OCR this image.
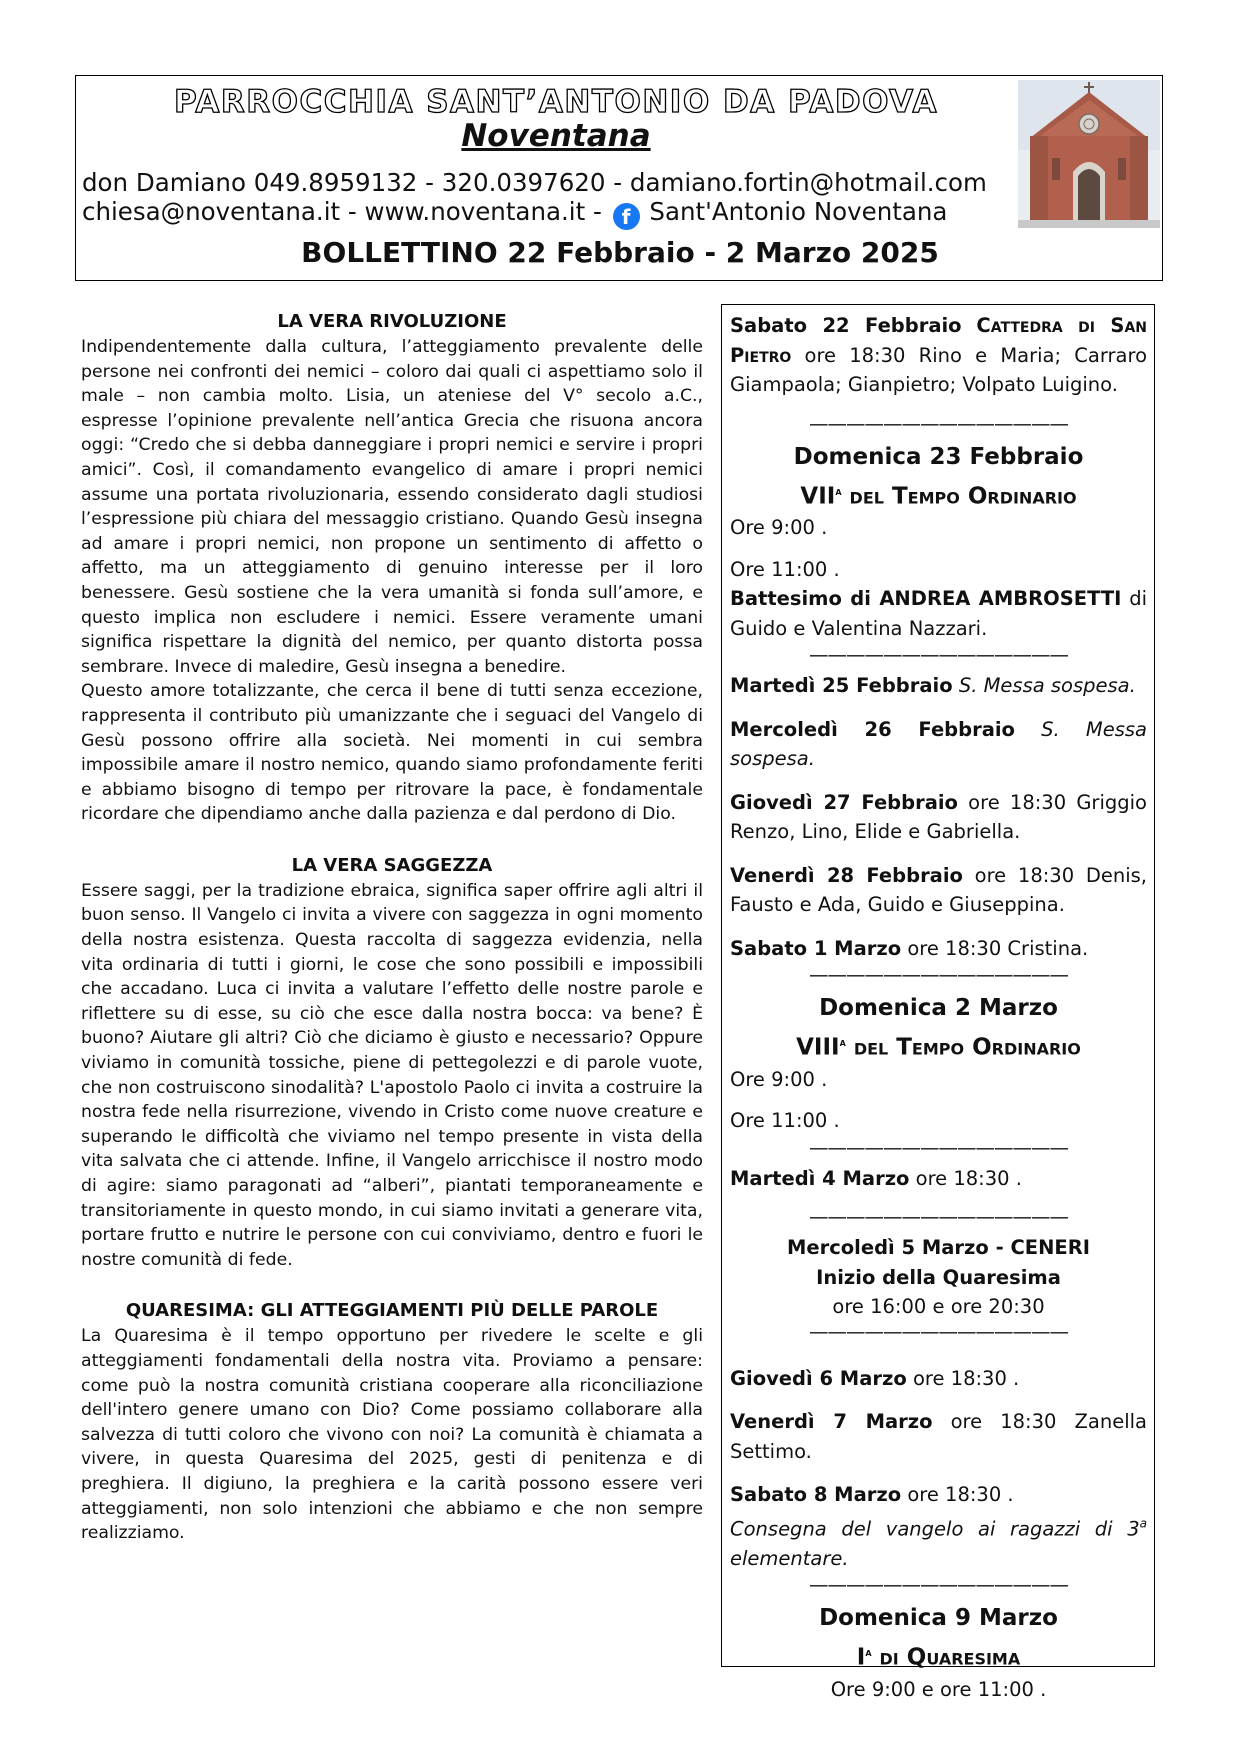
PARROCCHIA SANT’ANTONIO DA PADOVA
Noventana
don Damiano 049.8959132 - 320.0397620 - damiano.fortin@hotmail.com
chiesa@noventana.it - www.noventana.it - f Sant'Antonio Noventana
BOLLETTINO 22 Febbraio - 2 Marzo 2025
LA VERA RIVOLUZIONE

Indipendentemente dalla cultura, l’atteggiamento prevalente delle persone nei confronti dei nemici – coloro dai quali ci aspettiamo solo il male – non cambia molto. Lisia, un ateniese del V° secolo a.C., espresse l’opinione prevalente nell’antica Grecia che risuona ancora oggi: “Credo che si debba danneggiare i propri nemici e servire i propri amici”. Così, il comandamento evangelico di amare i propri nemici assume una portata rivoluzionaria, essendo considerato dagli studiosi l’espressione più chiara del messaggio cristiano. Quando Gesù insegna ad amare i propri nemici, non propone un sentimento di affetto o affetto, ma un atteggiamento di genuino interesse per il loro benessere. Gesù sostiene che la vera umanità si fonda sull’amore, e questo implica non escludere i nemici. Essere veramente umani significa rispettare la dignità del nemico, per quanto distorta possa sembrare. Invece di maledire, Gesù insegna a benedire.

Questo amore totalizzante, che cerca il bene di tutti senza eccezione, rappresenta il contributo più umanizzante che i seguaci del Vangelo di Gesù possono offrire alla società. Nei momenti in cui sembra impossibile amare il nostro nemico, quando siamo profondamente feriti e abbiamo bisogno di tempo per ritrovare la pace, è fondamentale ricordare che dipendiamo anche dalla pazienza e dal perdono di Dio.

LA VERA SAGGEZZA

Essere saggi, per la tradizione ebraica, significa saper offrire agli altri il buon senso. Il Vangelo ci invita a vivere con saggezza in ogni momento della nostra esistenza. Questa raccolta di saggezza evidenzia, nella vita ordinaria di tutti i giorni, le cose che sono possibili e impossibili che accadano. Luca ci invita a valutare l’effetto delle nostre parole e riflettere su di esse, su ciò che esce dalla nostra bocca: va bene? È buono? Aiutare gli altri? Ciò che diciamo è giusto e necessario? Oppure viviamo in comunità tossiche, piene di pettegolezzi e di parole vuote, che non costruiscono sinodalità? L'apostolo Paolo ci invita a costruire la nostra fede nella risurrezione, vivendo in Cristo come nuove creature e superando le difficoltà che viviamo nel tempo presente in vista della vita salvata che ci attende. Infine, il Vangelo arricchisce il nostro modo di agire: siamo paragonati ad “alberi”, piantati temporaneamente e transitoriamente in questo mondo, in cui siamo invitati a generare vita, portare frutto e nutrire le persone con cui conviviamo, dentro e fuori le nostre comunità di fede.

QUARESIMA: GLI ATTEGGIAMENTI PIÙ DELLE PAROLE

La Quaresima è il tempo opportuno per rivedere le scelte e gli atteggiamenti fondamentali della nostra vita. Proviamo a pensare: come può la nostra comunità cristiana cooperare alla riconciliazione dell'intero genere umano con Dio? Come possiamo collaborare alla salvezza di tutti coloro che vivono con noi? La comunità è chiamata a vivere, in questa Quaresima del 2025, gesti di penitenza e di preghiera. Il digiuno, la preghiera e la carità possono essere veri atteggiamenti, non solo intenzioni che abbiamo e che non sempre realizziamo.

Sabato 22 Febbraio Cattedra di San Pietro ore 18:30 Rino e Maria; Carraro Giampaola; Gianpietro; Volpato Luigino.

——————————————

Domenica 23 Febbraio

VII$^a$ del Tempo Ordinario

Ore 9:00 .

Ore 11:00 .

Battesimo di ANDREA AMBROSETTI di Guido e Valentina Nazzari.

——————————————

Martedì 25 Febbraio S. Messa sospesa.

Mercoledì 26 Febbraio S. Messa sospesa.

Giovedì 27 Febbraio ore 18:30 Griggio Renzo, Lino, Elide e Gabriella.

Venerdì 28 Febbraio ore 18:30 Denis, Fausto e Ada, Guido e Giuseppina.

Sabato 1 Marzo ore 18:30 Cristina.

——————————————

Domenica 2 Marzo

VIII$^a$ del Tempo Ordinario

Ore 9:00 .

Ore 11:00 .

——————————————

Martedì 4 Marzo ore 18:30 .

——————————————

Mercoledì 5 Marzo - CENERI

Inizio della Quaresima

ore 16:00 e ore 20:30

——————————————

Giovedì 6 Marzo ore 18:30 .

Venerdì 7 Marzo ore 18:30 Zanella Settimo.

Sabato 8 Marzo ore 18:30 .

Consegna del vangelo ai ragazzi di 3$^a$ elementare.

——————————————

Domenica 9 Marzo

$I^a$ di Quaresima

Ore 9:00 e ore 11:00 .
